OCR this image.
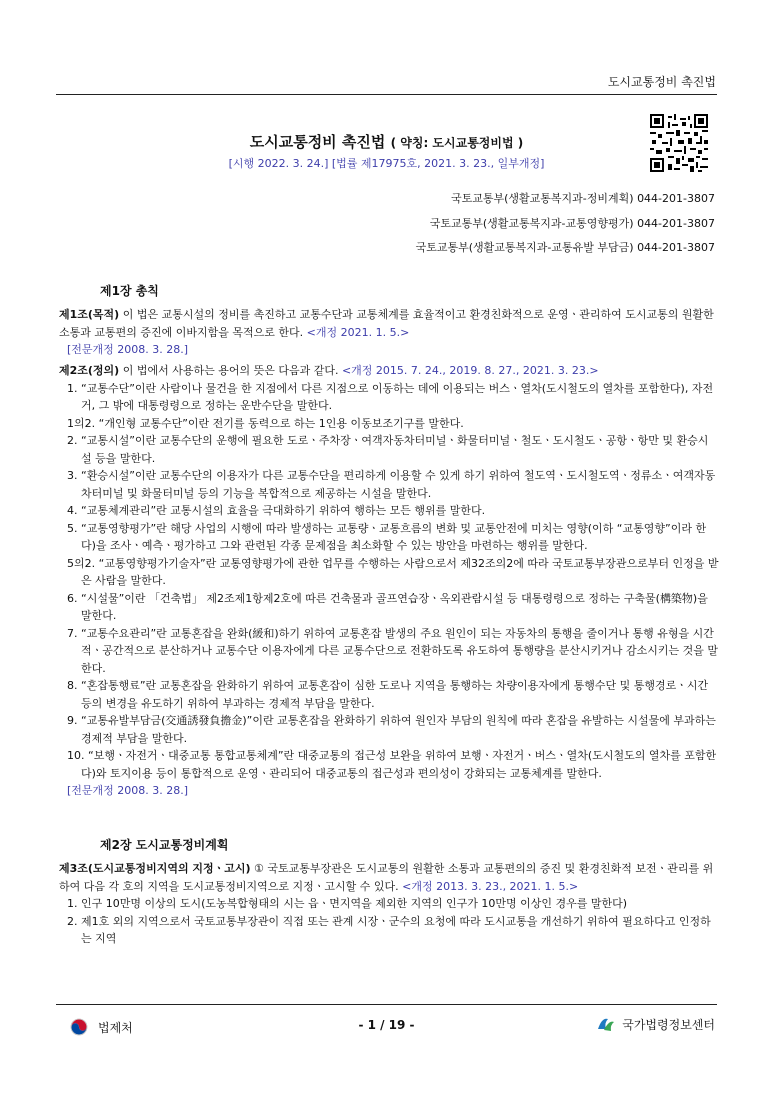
도시교통정비 촉진법
도시교통정비 촉진법 ( 약칭: 도시교통정비법 )
[시행 2022. 3. 24.] [법률 제17975호, 2021. 3. 23., 일부개정]
국토교통부(생활교통복지과-정비계획) 044-201-3807
국토교통부(생활교통복지과-교통영향평가) 044-201-3807
국토교통부(생활교통복지과-교통유발 부담금) 044-201-3807
제1장 총칙

제1조(목적) 이 법은 교통시설의 정비를 촉진하고 교통수단과 교통체계를 효율적이고 환경친화적으로 운영ㆍ관리하여 도시교통의 원활한 소통과 교통편의 증진에 이바지함을 목적으로 한다. <개정 2021. 1. 5.>

[전문개정 2008. 3. 28.]

제2조(정의) 이 법에서 사용하는 용어의 뜻은 다음과 같다. <개정 2015. 7. 24., 2019. 8. 27., 2021. 3. 23.>

1. “교통수단”이란 사람이나 물건을 한 지점에서 다른 지점으로 이동하는 데에 이용되는 버스ㆍ열차(도시철도의 열차를 포함한다), 자전거, 그 밖에 대통령령으로 정하는 운반수단을 말한다.

1의2. “개인형 교통수단”이란 전기를 동력으로 하는 1인용 이동보조기구를 말한다.

2. “교통시설”이란 교통수단의 운행에 필요한 도로ㆍ주차장ㆍ여객자동차터미널ㆍ화물터미널ㆍ철도ㆍ도시철도ㆍ공항ㆍ항만 및 환승시설 등을 말한다.

3. “환승시설”이란 교통수단의 이용자가 다른 교통수단을 편리하게 이용할 수 있게 하기 위하여 철도역ㆍ도시철도역ㆍ정류소ㆍ여객자동차터미널 및 화물터미널 등의 기능을 복합적으로 제공하는 시설을 말한다.

4. “교통체계관리”란 교통시설의 효율을 극대화하기 위하여 행하는 모든 행위를 말한다.

5. “교통영향평가”란 해당 사업의 시행에 따라 발생하는 교통량ㆍ교통흐름의 변화 및 교통안전에 미치는 영향(이하 “교통영향”이라 한다)을 조사ㆍ예측ㆍ평가하고 그와 관련된 각종 문제점을 최소화할 수 있는 방안을 마련하는 행위를 말한다.

5의2. “교통영향평가기술자”란 교통영향평가에 관한 업무를 수행하는 사람으로서 제32조의2에 따라 국토교통부장관으로부터 인정을 받은 사람을 말한다.

6. “시설물”이란 「건축법」 제2조제1항제2호에 따른 건축물과 골프연습장ㆍ옥외관람시설 등 대통령령으로 정하는 구축물(構築物)을 말한다.

7. “교통수요관리”란 교통혼잡을 완화(緩和)하기 위하여 교통혼잡 발생의 주요 원인이 되는 자동차의 통행을 줄이거나 통행 유형을 시간적ㆍ공간적으로 분산하거나 교통수단 이용자에게 다른 교통수단으로 전환하도록 유도하여 통행량을 분산시키거나 감소시키는 것을 말한다.

8. “혼잡통행료”란 교통혼잡을 완화하기 위하여 교통혼잡이 심한 도로나 지역을 통행하는 차량이용자에게 통행수단 및 통행경로ㆍ시간 등의 변경을 유도하기 위하여 부과하는 경제적 부담을 말한다.

9. “교통유발부담금(交通誘發負擔金)”이란 교통혼잡을 완화하기 위하여 원인자 부담의 원칙에 따라 혼잡을 유발하는 시설물에 부과하는 경제적 부담을 말한다.

10. “보행ㆍ자전거ㆍ대중교통 통합교통체계”란 대중교통의 접근성 보완을 위하여 보행ㆍ자전거ㆍ버스ㆍ열차(도시철도의 열차를 포함한다)와 토지이용 등이 통합적으로 운영ㆍ관리되어 대중교통의 접근성과 편의성이 강화되는 교통체계를 말한다.

[전문개정 2008. 3. 28.]

제2장 도시교통정비계획

제3조(도시교통정비지역의 지정ㆍ고시) ① 국토교통부장관은 도시교통의 원활한 소통과 교통편의의 증진 및 환경친화적 보전ㆍ관리를 위하여 다음 각 호의 지역을 도시교통정비지역으로 지정ㆍ고시할 수 있다. <개정 2013. 3. 23., 2021. 1. 5.>

1. 인구 10만명 이상의 도시(도농복합형태의 시는 읍ㆍ면지역을 제외한 지역의 인구가 10만명 이상인 경우를 말한다)

2. 제1호 외의 지역으로서 국토교통부장관이 직접 또는 관계 시장ㆍ군수의 요청에 따라 도시교통을 개선하기 위하여 필요하다고 인정하는 지역

법제처	- 1 / 19 -	국가법령정보센터
